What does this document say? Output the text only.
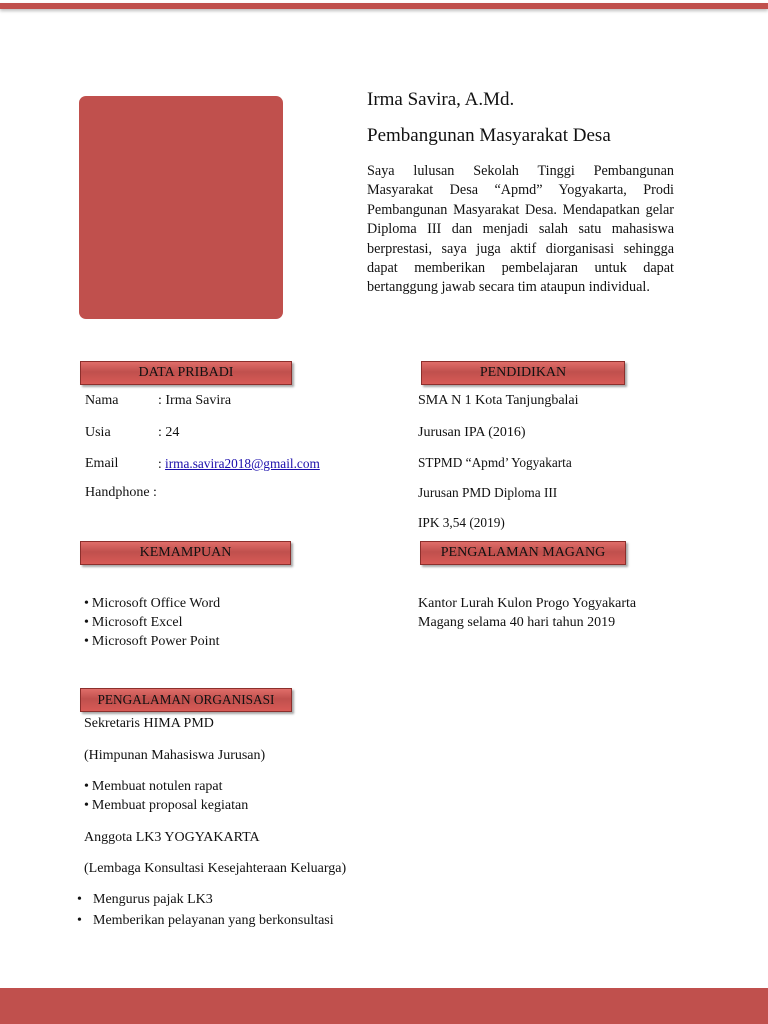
Irma Savira, A.Md.
Pembangunan Masyarakat Desa
Saya lulusan Sekolah Tinggi Pembangunan Masyarakat Desa “Apmd” Yogyakarta, Prodi Pembangunan Masyarakat Desa. Mendapatkan gelar Diploma III dan menjadi salah satu mahasiswa berprestasi, saya juga aktif diorganisasi sehingga dapat memberikan pembelajaran untuk dapat bertanggung jawab secara tim ataupun individual.
DATA PRIBADI
Nama	: Irma Savira
Usia	: 24
Email	: irma.savira2018@gmail.com
Handphone :
PENDIDIKAN
SMA N 1 Kota Tanjungbalai
Jurusan IPA (2016)
STPMD “Apmd’ Yogyakarta
Jurusan PMD Diploma III
IPK 3,54 (2019)
KEMAMPUAN
• Microsoft Office Word
• Microsoft Excel
• Microsoft Power Point
PENGALAMAN MAGANG
Kantor Lurah Kulon Progo Yogyakarta
Magang selama 40 hari tahun 2019
PENGALAMAN ORGANISASI
Sekretaris HIMA PMD
(Himpunan Mahasiswa Jurusan)
• Membuat notulen rapat
• Membuat proposal kegiatan
Anggota LK3 YOGYAKARTA
(Lembaga Konsultasi Kesejahteraan Keluarga)
• Mengurus pajak LK3
• Memberikan pelayanan yang berkonsultasi
